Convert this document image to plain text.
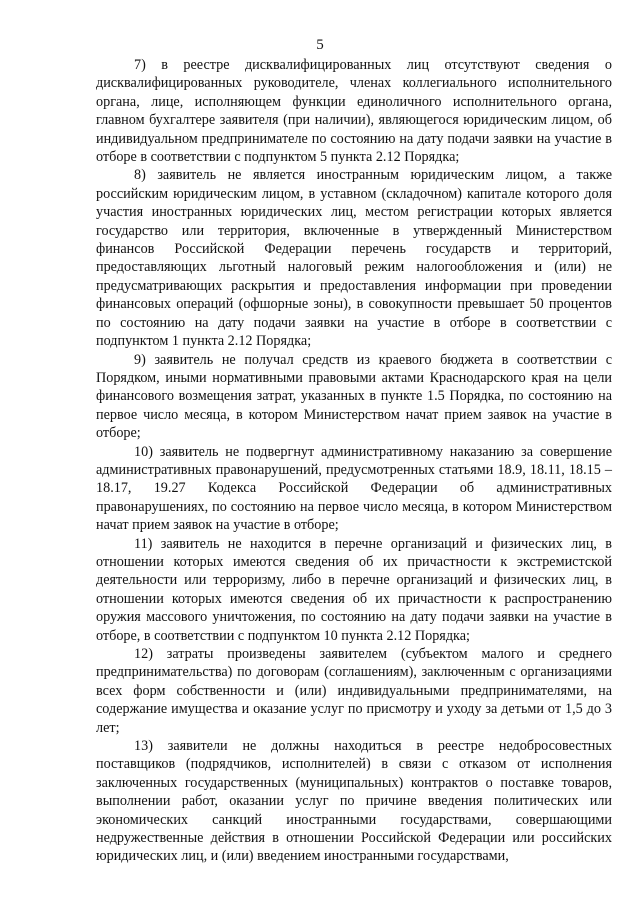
5

7) в реестре дисквалифицированных лиц отсутствуют сведения о дисквалифицированных руководителе, членах коллегиального исполнительного органа, лице, исполняющем функции единоличного исполнительного органа, главном бухгалтере заявителя (при наличии), являющегося юридическим лицом, об индивидуальном предпринимателе по состоянию на дату подачи заявки на участие в отборе в соответствии с подпунктом 5 пункта 2.12 Порядка;

8) заявитель не является иностранным юридическим лицом, а также российским юридическим лицом, в уставном (складочном) капитале которого доля участия иностранных юридических лиц, местом регистрации которых является государство или территория, включенные в утвержденный Министерством финансов Российской Федерации перечень государств и территорий, предоставляющих льготный налоговый режим налогообложения и (или) не предусматривающих раскрытия и предоставления информации при проведении финансовых операций (офшорные зоны), в совокупности превышает 50 процентов по состоянию на дату подачи заявки на участие в отборе в соответствии с подпунктом 1 пункта 2.12 Порядка;

9) заявитель не получал средств из краевого бюджета в соответствии с Порядком, иными нормативными правовыми актами Краснодарского края на цели финансового возмещения затрат, указанных в пункте 1.5 Порядка, по состоянию на первое число месяца, в котором Министерством начат прием заявок на участие в отборе;

10) заявитель не подвергнут административному наказанию за совершение административных правонарушений, предусмотренных статьями 18.9, 18.11, 18.15 – 18.17, 19.27 Кодекса Российской Федерации об административных правонарушениях, по состоянию на первое число месяца, в котором Министерством начат прием заявок на участие в отборе;

11) заявитель не находится в перечне организаций и физических лиц, в отношении которых имеются сведения об их причастности к экстремистской деятельности или терроризму, либо в перечне организаций и физических лиц, в отношении которых имеются сведения об их причастности к распространению оружия массового уничтожения, по состоянию на дату подачи заявки на участие в отборе, в соответствии с подпунктом 10 пункта 2.12 Порядка;

12) затраты произведены заявителем (субъектом малого и среднего предпринимательства) по договорам (соглашениям), заключенным с организациями всех форм собственности и (или) индивидуальными предпринимателями, на содержание имущества и оказание услуг по присмотру и уходу за детьми от 1,5 до 3 лет;

13) заявители не должны находиться в реестре недобросовестных поставщиков (подрядчиков, исполнителей) в связи с отказом от исполнения заключенных государственных (муниципальных) контрактов о поставке товаров, выполнении работ, оказании услуг по причине введения политических или экономических санкций иностранными государствами, совершающими недружественные действия в отношении Российской Федерации или российских юридических лиц, и (или) введением иностранными государствами,
